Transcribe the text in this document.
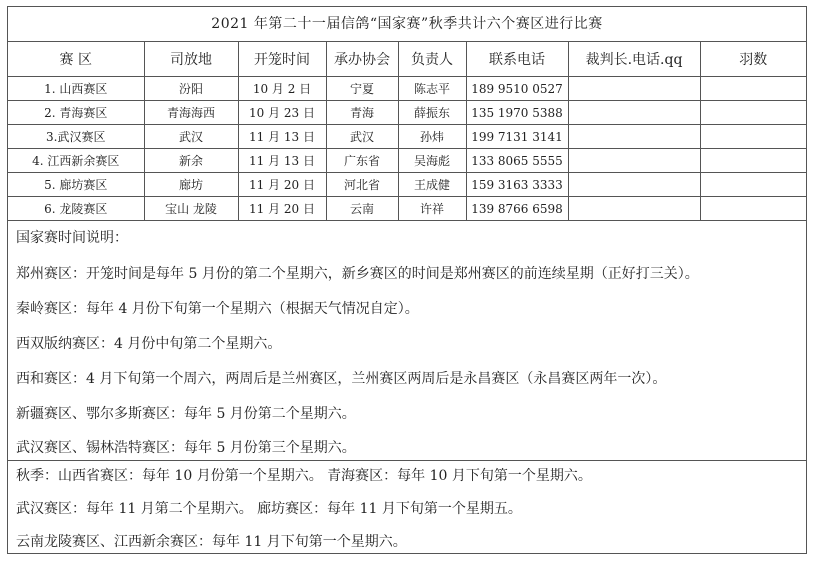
2021 年第二十一届信鸽“国家赛”秋季共计六个赛区进行比赛
赛 区	司放地	开笼时间	承办协会	负责人	联系电话	裁判长.电话.qq	羽数
1. 山西赛区	汾阳	10 月 2 日	宁夏	陈志平	189 9510 0527		
2. 青海赛区	青海海西	10 月 23 日	青海	薛振东	135 1970 5388		
3.武汉赛区	武汉	11 月 13 日	武汉	孙炜	199 7131 3141		
4. 江西新余赛区	新余	11 月 13 日	广东省	吴海彪	133 8065 5555		
5. 廊坊赛区	廊坊	11 月 20 日	河北省	王成健	159 3163 3333		
6. 龙陵赛区	宝山 龙陵	11 月 20 日	云南	许祥	139 8766 6598		
国家赛时间说明：
郑州赛区：开笼时间是每年 5 月份的第二个星期六，新乡赛区的时间是郑州赛区的前连续星期（正好打三关）。
秦岭赛区：每年 4 月份下旬第一个星期六（根据天气情况自定）。
西双版纳赛区：4 月份中旬第二个星期六。
西和赛区：4 月下旬第一个周六，两周后是兰州赛区，兰州赛区两周后是永昌赛区（永昌赛区两年一次）。
新疆赛区、鄂尔多斯赛区：每年 5 月份第二个星期六。
武汉赛区、锡林浩特赛区：每年 5 月份第三个星期六。
秋季：山西省赛区：每年 10 月份第一个星期六。 青海赛区：每年 10 月下旬第一个星期六。
武汉赛区：每年 11 月第二个星期六。 廊坊赛区：每年 11 月下旬第一个星期五。
云南龙陵赛区、江西新余赛区：每年 11 月下旬第一个星期六。
